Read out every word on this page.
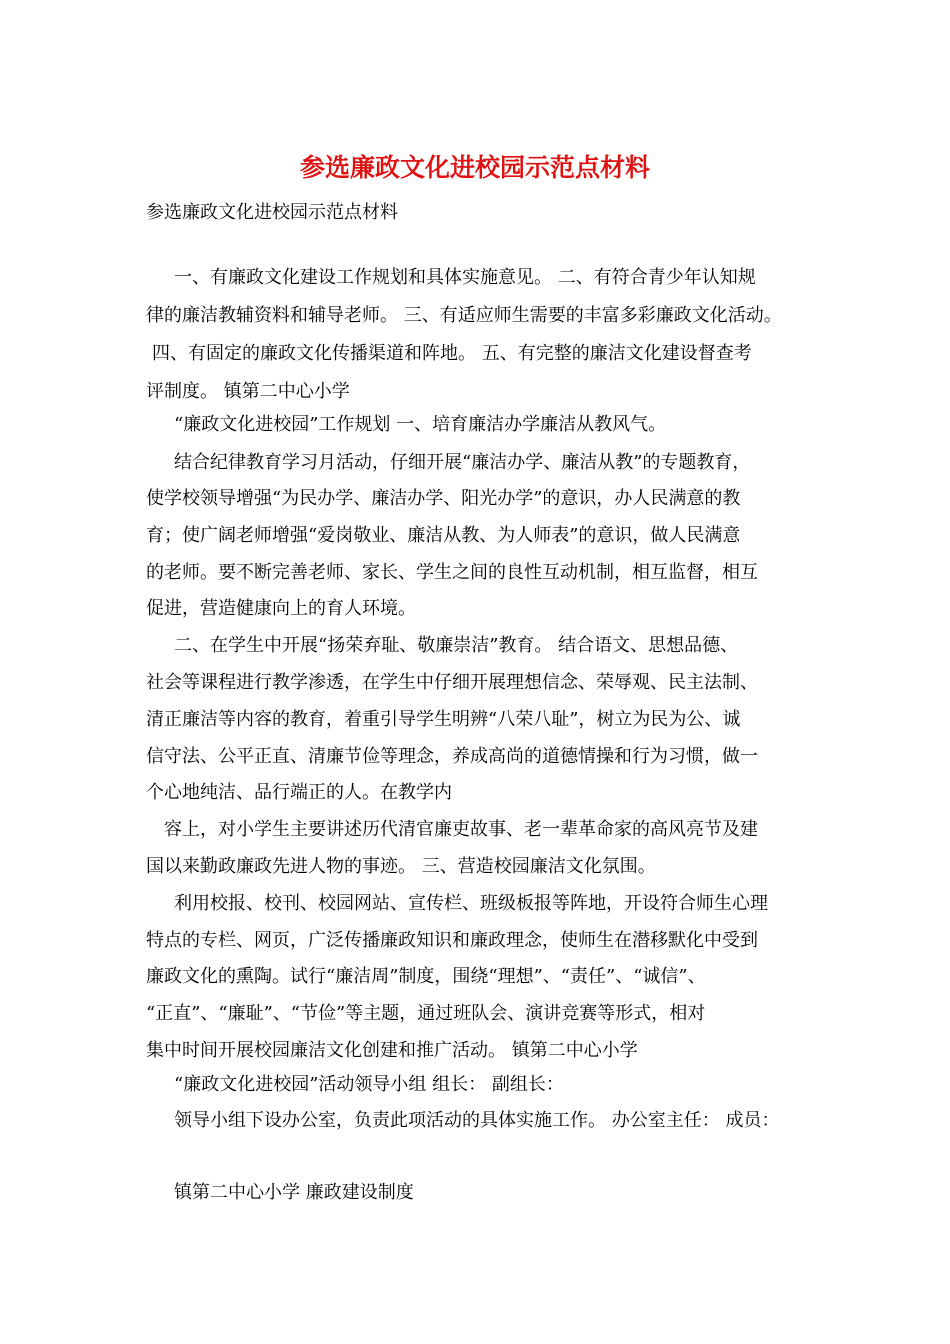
参选廉政文化进校园示范点材料
参选廉政文化进校园示范点材料
一、有廉政文化建设工作规划和具体实施意见。 二、有符合青少年认知规
律的廉洁教辅资料和辅导老师。 三、有适应师生需要的丰富多彩廉政文化活动。
四、有固定的廉政文化传播渠道和阵地。 五、有完整的廉洁文化建设督查考
评制度。 镇第二中心小学
“廉政文化进校园”工作规划 一、培育廉洁办学廉洁从教风气。
结合纪律教育学习月活动，仔细开展“廉洁办学、廉洁从教”的专题教育，
使学校领导增强“为民办学、廉洁办学、阳光办学”的意识，办人民满意的教
育；使广阔老师增强“爱岗敬业、廉洁从教、为人师表”的意识，做人民满意
的老师。要不断完善老师、家长、学生之间的良性互动机制，相互监督，相互
促进，营造健康向上的育人环境。
二、在学生中开展“扬荣弃耻、敬廉崇洁”教育。 结合语文、思想品德、
社会等课程进行教学渗透，在学生中仔细开展理想信念、荣辱观、民主法制、
清正廉洁等内容的教育，着重引导学生明辨“八荣八耻”，树立为民为公、诚
信守法、公平正直、清廉节俭等理念，养成高尚的道德情操和行为习惯，做一
个心地纯洁、品行端正的人。在教学内
容上，对小学生主要讲述历代清官廉吏故事、老一辈革命家的高风亮节及建
国以来勤政廉政先进人物的事迹。 三、营造校园廉洁文化氛围。
利用校报、校刊、校园网站、宣传栏、班级板报等阵地，开设符合师生心理
特点的专栏、网页，广泛传播廉政知识和廉政理念，使师生在潜移默化中受到
廉政文化的熏陶。试行“廉洁周”制度，围绕“理想”、“责任”、“诚信”、
“正直”、“廉耻”、“节俭”等主题，通过班队会、演讲竞赛等形式，相对
集中时间开展校园廉洁文化创建和推广活动。 镇第二中心小学
“廉政文化进校园”活动领导小组 组长： 副组长：
领导小组下设办公室，负责此项活动的具体实施工作。 办公室主任： 成员：
镇第二中心小学 廉政建设制度
